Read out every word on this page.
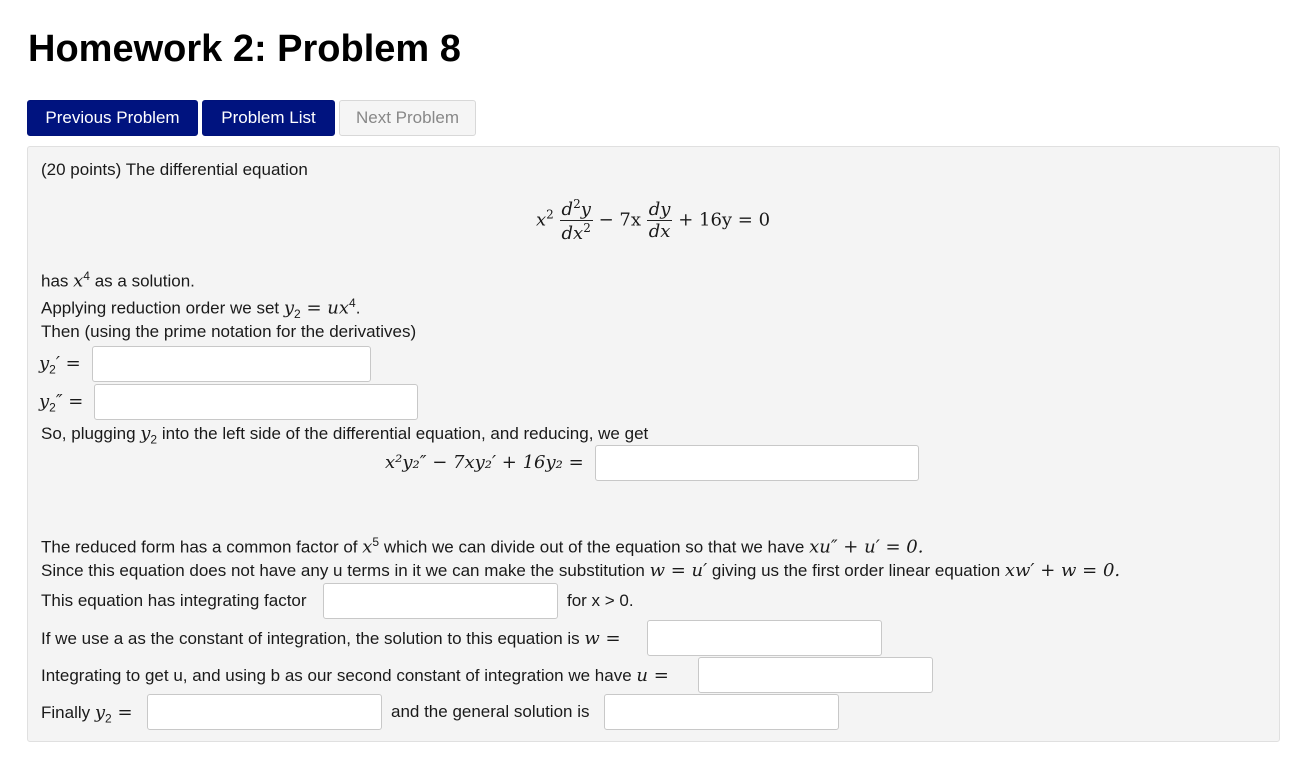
Homework 2: Problem 8
Previous Problem	Problem List	Next Problem
(20 points) The differential equation
$x^2 \frac{d^2y}{dx^2} - 7x \frac{dy}{dx} + 16y = 0$
has $x^4$ as a solution.
Applying reduction order we set $y_2 = ux^4$.
Then (using the prime notation for the derivatives)
$y_2'$ =
$y_2''$ =
So, plugging $y_2$ into the left side of the differential equation, and reducing, we get
x²y₂″ − 7xy₂′ + 16y₂ =
The reduced form has a common factor of $x^5$ which we can divide out of the equation so that we have xu″ + u′ = 0.
Since this equation does not have any u terms in it we can make the substitution w = u′ giving us the first order linear equation xw′ + w = 0.
This equation has integrating factor	for x > 0.
If we use a as the constant of integration, the solution to this equation is w =
Integrating to get u, and using b as our second constant of integration we have u =
Finally $y_2$ =	and the general solution is
